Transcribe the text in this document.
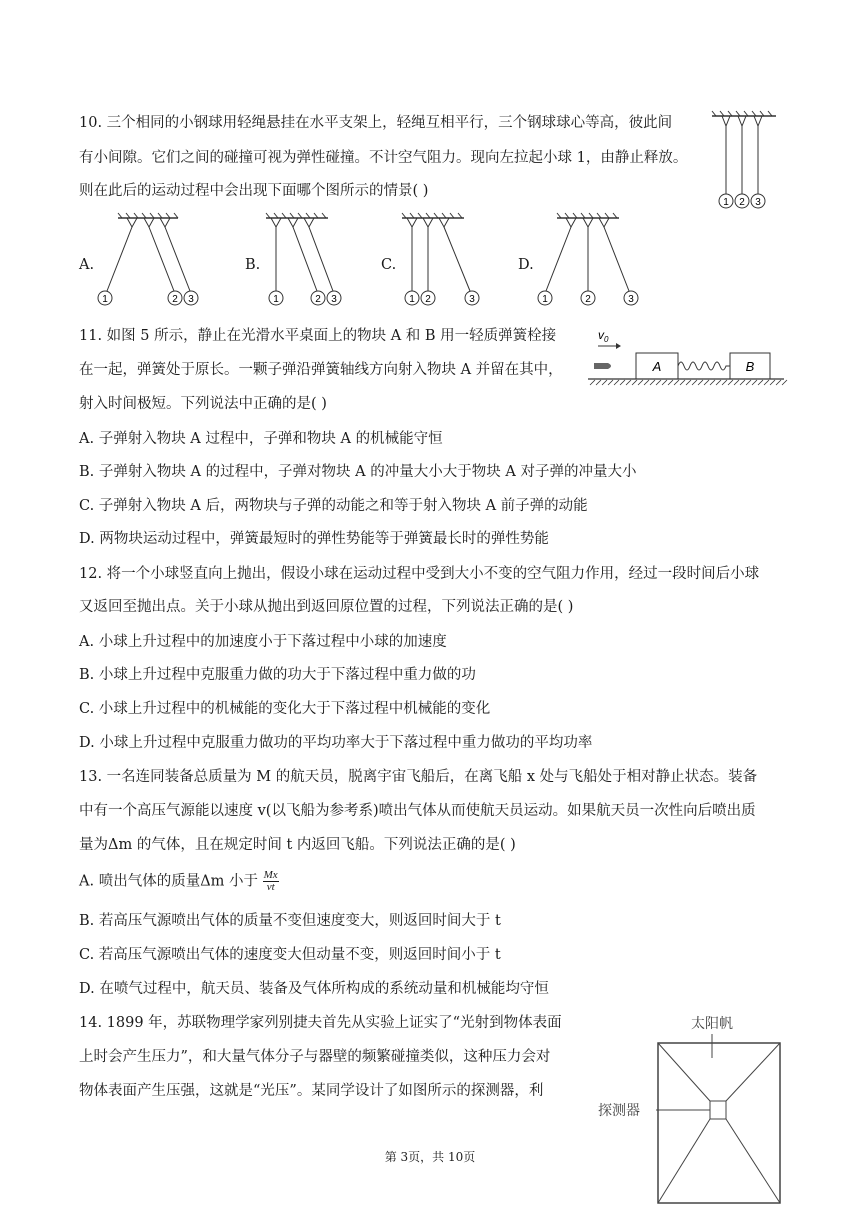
10. 三个相同的小钢球用轻绳悬挂在水平支架上，轻绳互相平行，三个钢球球心等高，彼此间
有小间隙。它们之间的碰撞可视为弹性碰撞。不计空气阻力。现向左拉起小球 1，由静止释放。
则在此后的运动过程中会出现下面哪个图所示的情景( )
1 2 3
A.	B.	C.	D.
1	2 3	1	2 3	1 2	3	1	2	3
11. 如图 5 所示，静止在光滑水平桌面上的物块 A 和 B 用一轻质弹簧栓接
在一起，弹簧处于原长。一颗子弹沿弹簧轴线方向射入物块 A 并留在其中，
射入时间极短。下列说法中正确的是( )
$v_0$
A	B
A. 子弹射入物块 A 过程中，子弹和物块 A 的机械能守恒
B. 子弹射入物块 A 的过程中，子弹对物块 A 的冲量大小大于物块 A 对子弹的冲量大小
C. 子弹射入物块 A 后，两物块与子弹的动能之和等于射入物块 A 前子弹的动能
D. 两物块运动过程中，弹簧最短时的弹性势能等于弹簧最长时的弹性势能
12. 将一个小球竖直向上抛出，假设小球在运动过程中受到大小不变的空气阻力作用，经过一段时间后小球
又返回至抛出点。关于小球从抛出到返回原位置的过程，下列说法正确的是( )
A. 小球上升过程中的加速度小于下落过程中小球的加速度
B. 小球上升过程中克服重力做的功大于下落过程中重力做的功
C. 小球上升过程中的机械能的变化大于下落过程中机械能的变化
D. 小球上升过程中克服重力做功的平均功率大于下落过程中重力做功的平均功率
13. 一名连同装备总质量为 M 的航天员，脱离宇宙飞船后，在离飞船 x 处与飞船处于相对静止状态。装备
中有一个高压气源能以速度 v(以飞船为参考系)喷出气体从而使航天员运动。如果航天员一次性向后喷出质
量为Δm 的气体，且在规定时间 t 内返回飞船。下列说法正确的是( )
A. 喷出气体的质量Δm 小于 $\frac{Mx}{vt}$
B. 若高压气源喷出气体的质量不变但速度变大，则返回时间大于 t
C. 若高压气源喷出气体的速度变大但动量不变，则返回时间小于 t
D. 在喷气过程中，航天员、装备及气体所构成的系统动量和机械能均守恒
14. 1899 年，苏联物理学家列别捷夫首先从实验上证实了“光射到物体表面
上时会产生压力”，和大量气体分子与器壁的频繁碰撞类似，这种压力会对
物体表面产生压强，这就是“光压”。某同学设计了如图所示的探测器，利
太阳帆
探测器
第 3页，共 10页
